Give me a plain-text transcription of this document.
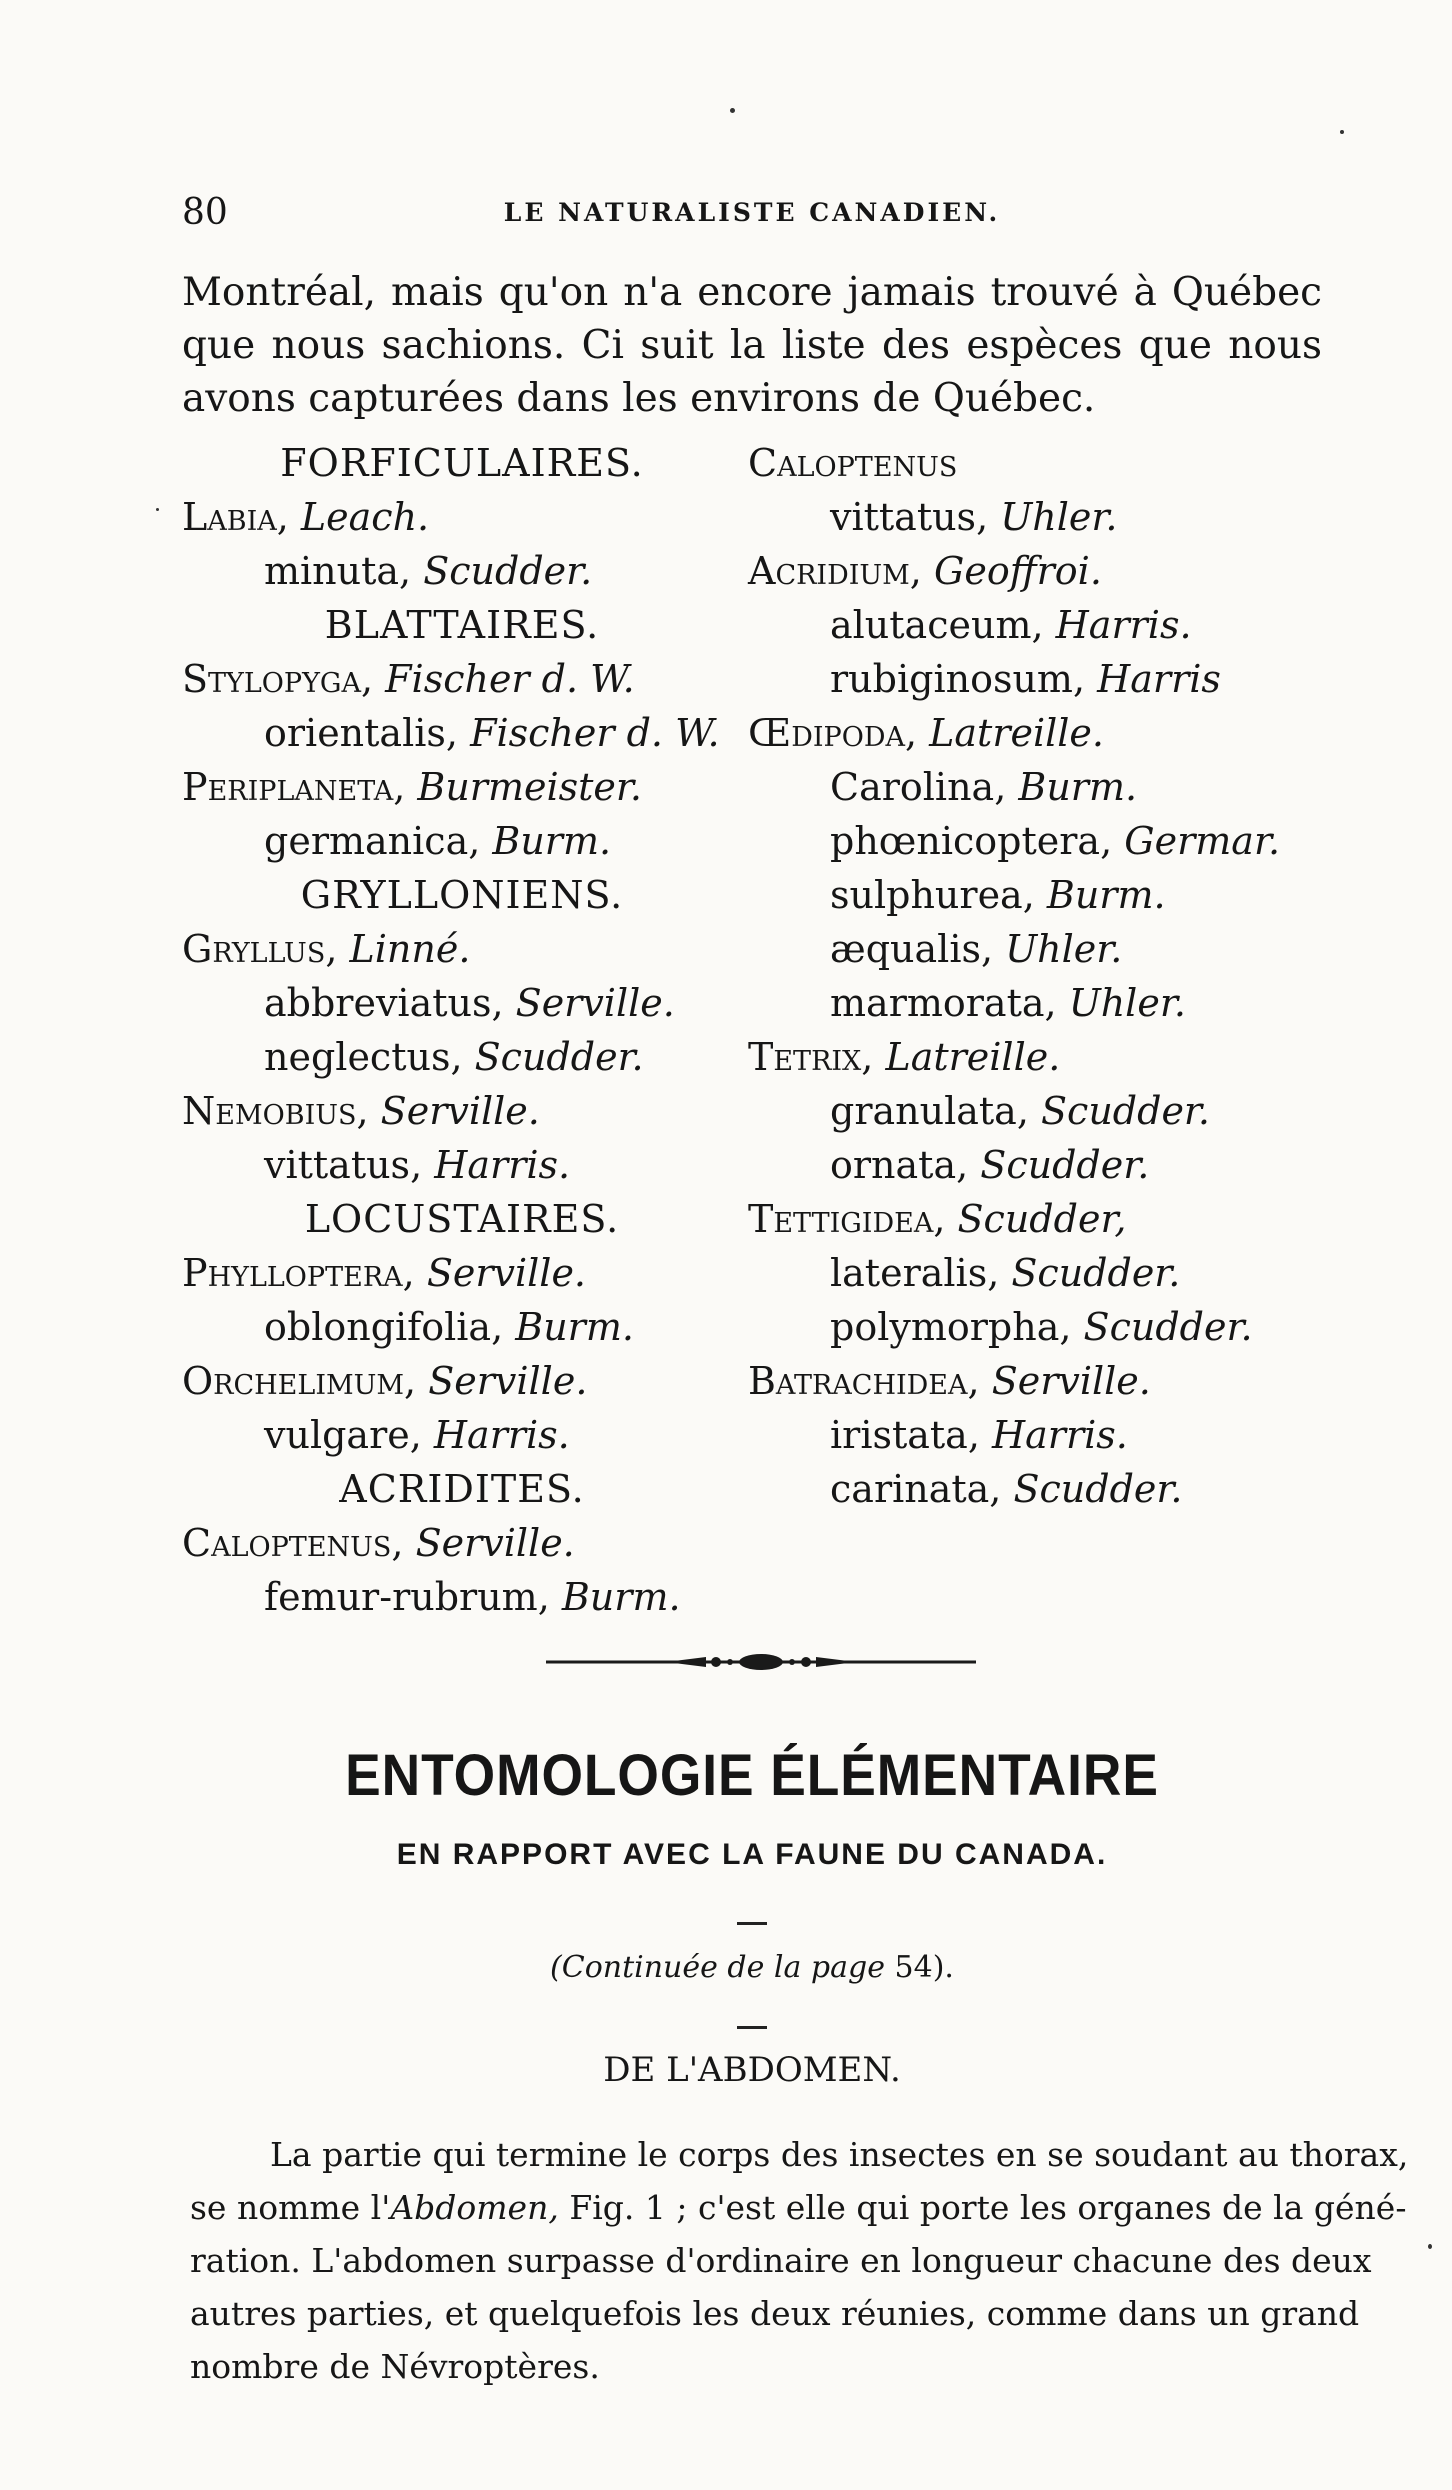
80	LE NATURALISTE CANADIEN.
Montréal, mais qu'on n'a encore jamais trouvé à Québec
que nous sachions. Ci suit la liste des espèces que nous
avons capturées dans les environs de Québec.
FORFICULAIRES.
Labia, Leach.
minuta, Scudder.
BLATTAIRES.
Stylopyga, Fischer d. W.
orientalis, Fischer d. W.
Periplaneta, Burmeister.
germanica, Burm.
GRYLLONIENS.
Gryllus, Linné.
abbreviatus, Serville.
neglectus, Scudder.
Nemobius, Serville.
vittatus, Harris.
LOCUSTAIRES.
Phylloptera, Serville.
oblongifolia, Burm.
Orchelimum, Serville.
vulgare, Harris.
ACRIDITES.
Caloptenus, Serville.
femur-rubrum, Burm.
Caloptenus
vittatus, Uhler.
Acridium, Geoffroi.
alutaceum, Harris.
rubiginosum, Harris
Œdipoda, Latreille.
Carolina, Burm.
phœnicoptera, Germar.
sulphurea, Burm.
æqualis, Uhler.
marmorata, Uhler.
Tetrix, Latreille.
granulata, Scudder.
ornata, Scudder.
Tettigidea, Scudder,
lateralis, Scudder.
polymorpha, Scudder.
Batrachidea, Serville.
iristata, Harris.
carinata, Scudder.
ENTOMOLOGIE ÉLÉMENTAIRE
EN RAPPORT AVEC LA FAUNE DU CANADA.
(Continuée de la page 54).
DE L'ABDOMEN.
La partie qui termine le corps des insectes en se soudant au thorax,
se nomme l'Abdomen, Fig. 1 ; c'est elle qui porte les organes de la géné-
ration. L'abdomen surpasse d'ordinaire en longueur chacune des deux
autres parties, et quelquefois les deux réunies, comme dans un grand
nombre de Névroptères.
